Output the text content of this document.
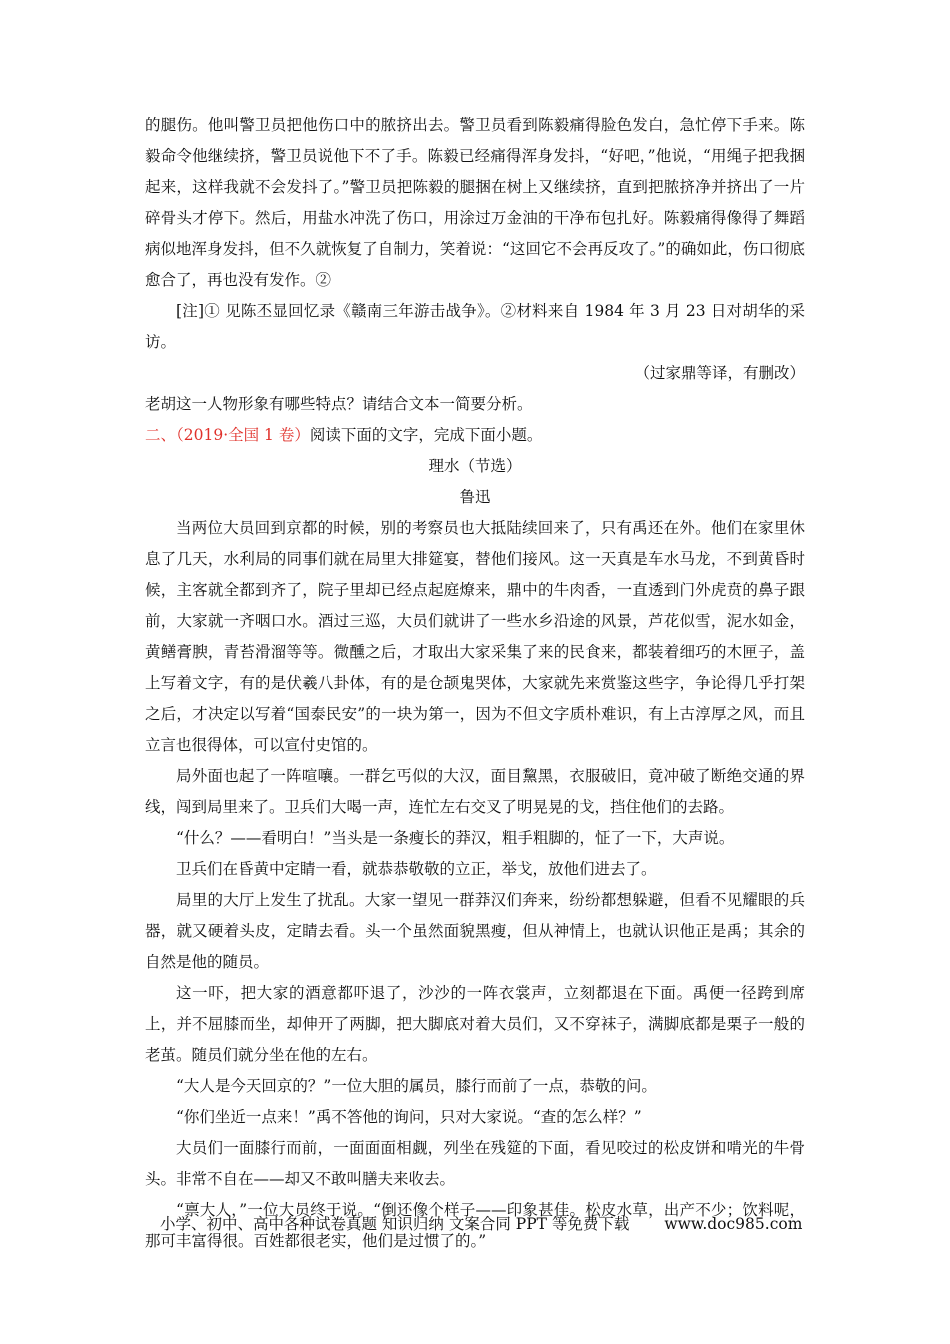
的腿伤。他叫警卫员把他伤口中的脓挤出去。警卫员看到陈毅痛得脸色发白，急忙停下手来。陈毅命令他继续挤，警卫员说他下不了手。陈毅已经痛得浑身发抖，“好吧，”他说，“用绳子把我捆起来，这样我就不会发抖了。”警卫员把陈毅的腿捆在树上又继续挤，直到把脓挤净并挤出了一片碎骨头才停下。然后，用盐水冲洗了伤口，用涂过万金油的干净布包扎好。陈毅痛得像得了舞蹈病似地浑身发抖，但不久就恢复了自制力，笑着说：“这回它不会再反攻了。”的确如此，伤口彻底愈合了，再也没有发作。②

[注]① 见陈丕显回忆录《赣南三年游击战争》。②材料来自 1984 年 3 月 23 日对胡华的采访。

（过家鼎等译，有删改）

老胡这一人物形象有哪些特点？请结合文本一简要分析。

二、（2019·全国 1 卷）阅读下面的文字，完成下面小题。

理水（节选）

鲁迅

当两位大员回到京都的时候，别的考察员也大抵陆续回来了，只有禹还在外。他们在家里休息了几天，水利局的同事们就在局里大排筵宴，替他们接风。这一天真是车水马龙，不到黄昏时候，主客就全都到齐了，院子里却已经点起庭燎来，鼎中的牛肉香，一直透到门外虎贲的鼻子跟前，大家就一齐咽口水。酒过三巡，大员们就讲了一些水乡沿途的风景，芦花似雪，泥水如金，黄鳝膏腴，青苔滑溜等等。微醺之后，才取出大家采集了来的民食来，都装着细巧的木匣子，盖上写着文字，有的是伏羲八卦体，有的是仓颉鬼哭体，大家就先来赏鉴这些字，争论得几乎打架之后，才决定以写着“国泰民安”的一块为第一，因为不但文字质朴难识，有上古淳厚之风，而且立言也很得体，可以宣付史馆的。

局外面也起了一阵喧嚷。一群乞丐似的大汉，面目黧黑，衣服破旧，竟冲破了断绝交通的界线，闯到局里来了。卫兵们大喝一声，连忙左右交叉了明晃晃的戈，挡住他们的去路。

“什么？——看明白！”当头是一条瘦长的莽汉，粗手粗脚的，怔了一下，大声说。

卫兵们在昏黄中定睛一看，就恭恭敬敬的立正，举戈，放他们进去了。

局里的大厅上发生了扰乱。大家一望见一群莽汉们奔来，纷纷都想躲避，但看不见耀眼的兵器，就又硬着头皮，定睛去看。头一个虽然面貌黑瘦，但从神情上，也就认识他正是禹；其余的自然是他的随员。

这一吓，把大家的酒意都吓退了，沙沙的一阵衣裳声，立刻都退在下面。禹便一径跨到席上，并不屈膝而坐，却伸开了两脚，把大脚底对着大员们，又不穿袜子，满脚底都是栗子一般的老茧。随员们就分坐在他的左右。

“大人是今天回京的？”一位大胆的属员，膝行而前了一点，恭敬的问。

“你们坐近一点来！”禹不答他的询问，只对大家说。“查的怎么样？”

大员们一面膝行而前，一面面面相觑，列坐在残筵的下面，看见咬过的松皮饼和啃光的牛骨头。非常不自在——却又不敢叫膳夫来收去。

“禀大人，”一位大员终于说。“倒还像个样子——印象甚佳。松皮水草，出产不少；饮料呢，那可丰富得很。百姓都很老实，他们是过惯了的。”

小学、初中、高中各种试卷真题 知识归纳 文案合同 PPT 等免费下载 www.doc985.com
